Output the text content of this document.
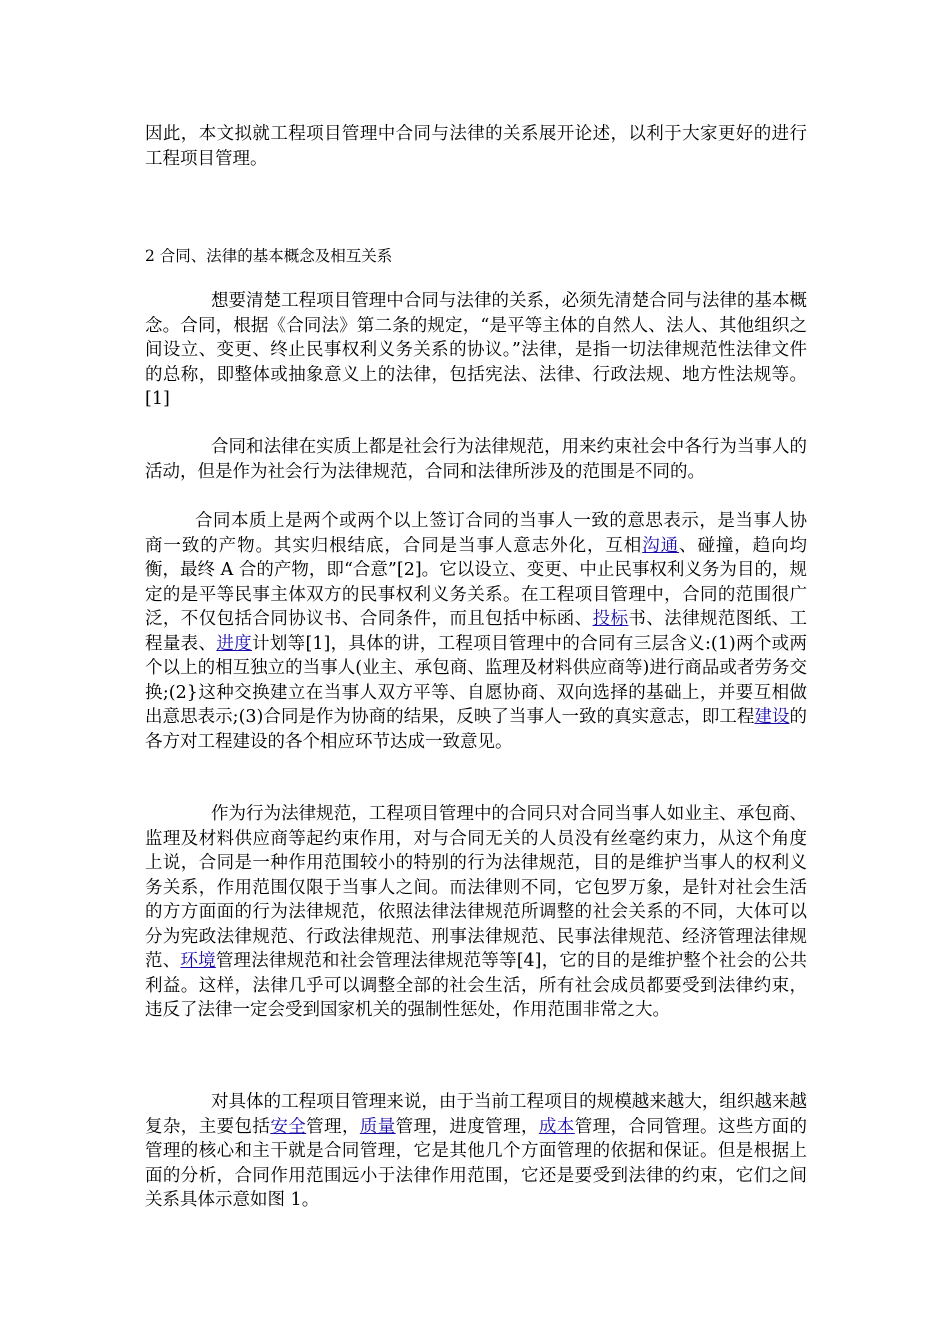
因此，本文拟就工程项目管理中合同与法律的关系展开论述，以利于大家更好的进行工程项目管理。

2 合同、法律的基本概念及相互关系

想要清楚工程项目管理中合同与法律的关系，必须先清楚合同与法律的基本概念。合同，根据《合同法》第二条的规定，“是平等主体的自然人、法人、其他组织之间设立、变更、终止民事权利义务关系的协议。”法律，是指一切法律规范性法律文件的总称，即整体或抽象意义上的法律，包括宪法、法律、行政法规、地方性法规等。[1]

合同和法律在实质上都是社会行为法律规范，用来约束社会中各行为当事人的活动，但是作为社会行为法律规范，合同和法律所涉及的范围是不同的。

合同本质上是两个或两个以上签订合同的当事人一致的意思表示，是当事人协商一致的产物。其实归根结底，合同是当事人意志外化，互相沟通、碰撞，趋向均衡，最终 A 合的产物，即“合意”[2]。它以设立、变更、中止民事权利义务为目的，规定的是平等民事主体双方的民事权利义务关系。在工程项目管理中，合同的范围很广泛，不仅包括合同协议书、合同条件，而且包括中标函、投标书、法律规范图纸、工程量表、进度计划等[1]，具体的讲，工程项目管理中的合同有三层含义:(1)两个或两个以上的相互独立的当事人(业主、承包商、监理及材料供应商等)进行商品或者劳务交换;(2}这种交换建立在当事人双方平等、自愿协商、双向选择的基础上，并要互相做出意思表示;(3)合同是作为协商的结果，反映了当事人一致的真实意志，即工程建设的各方对工程建设的各个相应环节达成一致意见。

作为行为法律规范，工程项目管理中的合同只对合同当事人如业主、承包商、监理及材料供应商等起约束作用，对与合同无关的人员没有丝毫约束力，从这个角度上说，合同是一种作用范围较小的特别的行为法律规范，目的是维护当事人的权利义务关系，作用范围仅限于当事人之间。而法律则不同，它包罗万象，是针对社会生活的方方面面的行为法律规范，依照法律法律规范所调整的社会关系的不同，大体可以分为宪政法律规范、行政法律规范、刑事法律规范、民事法律规范、经济管理法律规范、环境管理法律规范和社会管理法律规范等等[4]，它的目的是维护整个社会的公共利益。这样，法律几乎可以调整全部的社会生活，所有社会成员都要受到法律约束，违反了法律一定会受到国家机关的强制性惩处，作用范围非常之大。

对具体的工程项目管理来说，由于当前工程项目的规模越来越大，组织越来越复杂，主要包括安全管理，质量管理，进度管理，成本管理，合同管理。这些方面的管理的核心和主干就是合同管理，它是其他几个方面管理的依据和保证。但是根据上面的分析，合同作用范围远小于法律作用范围，它还是要受到法律的约束，它们之间关系具体示意如图 1。
